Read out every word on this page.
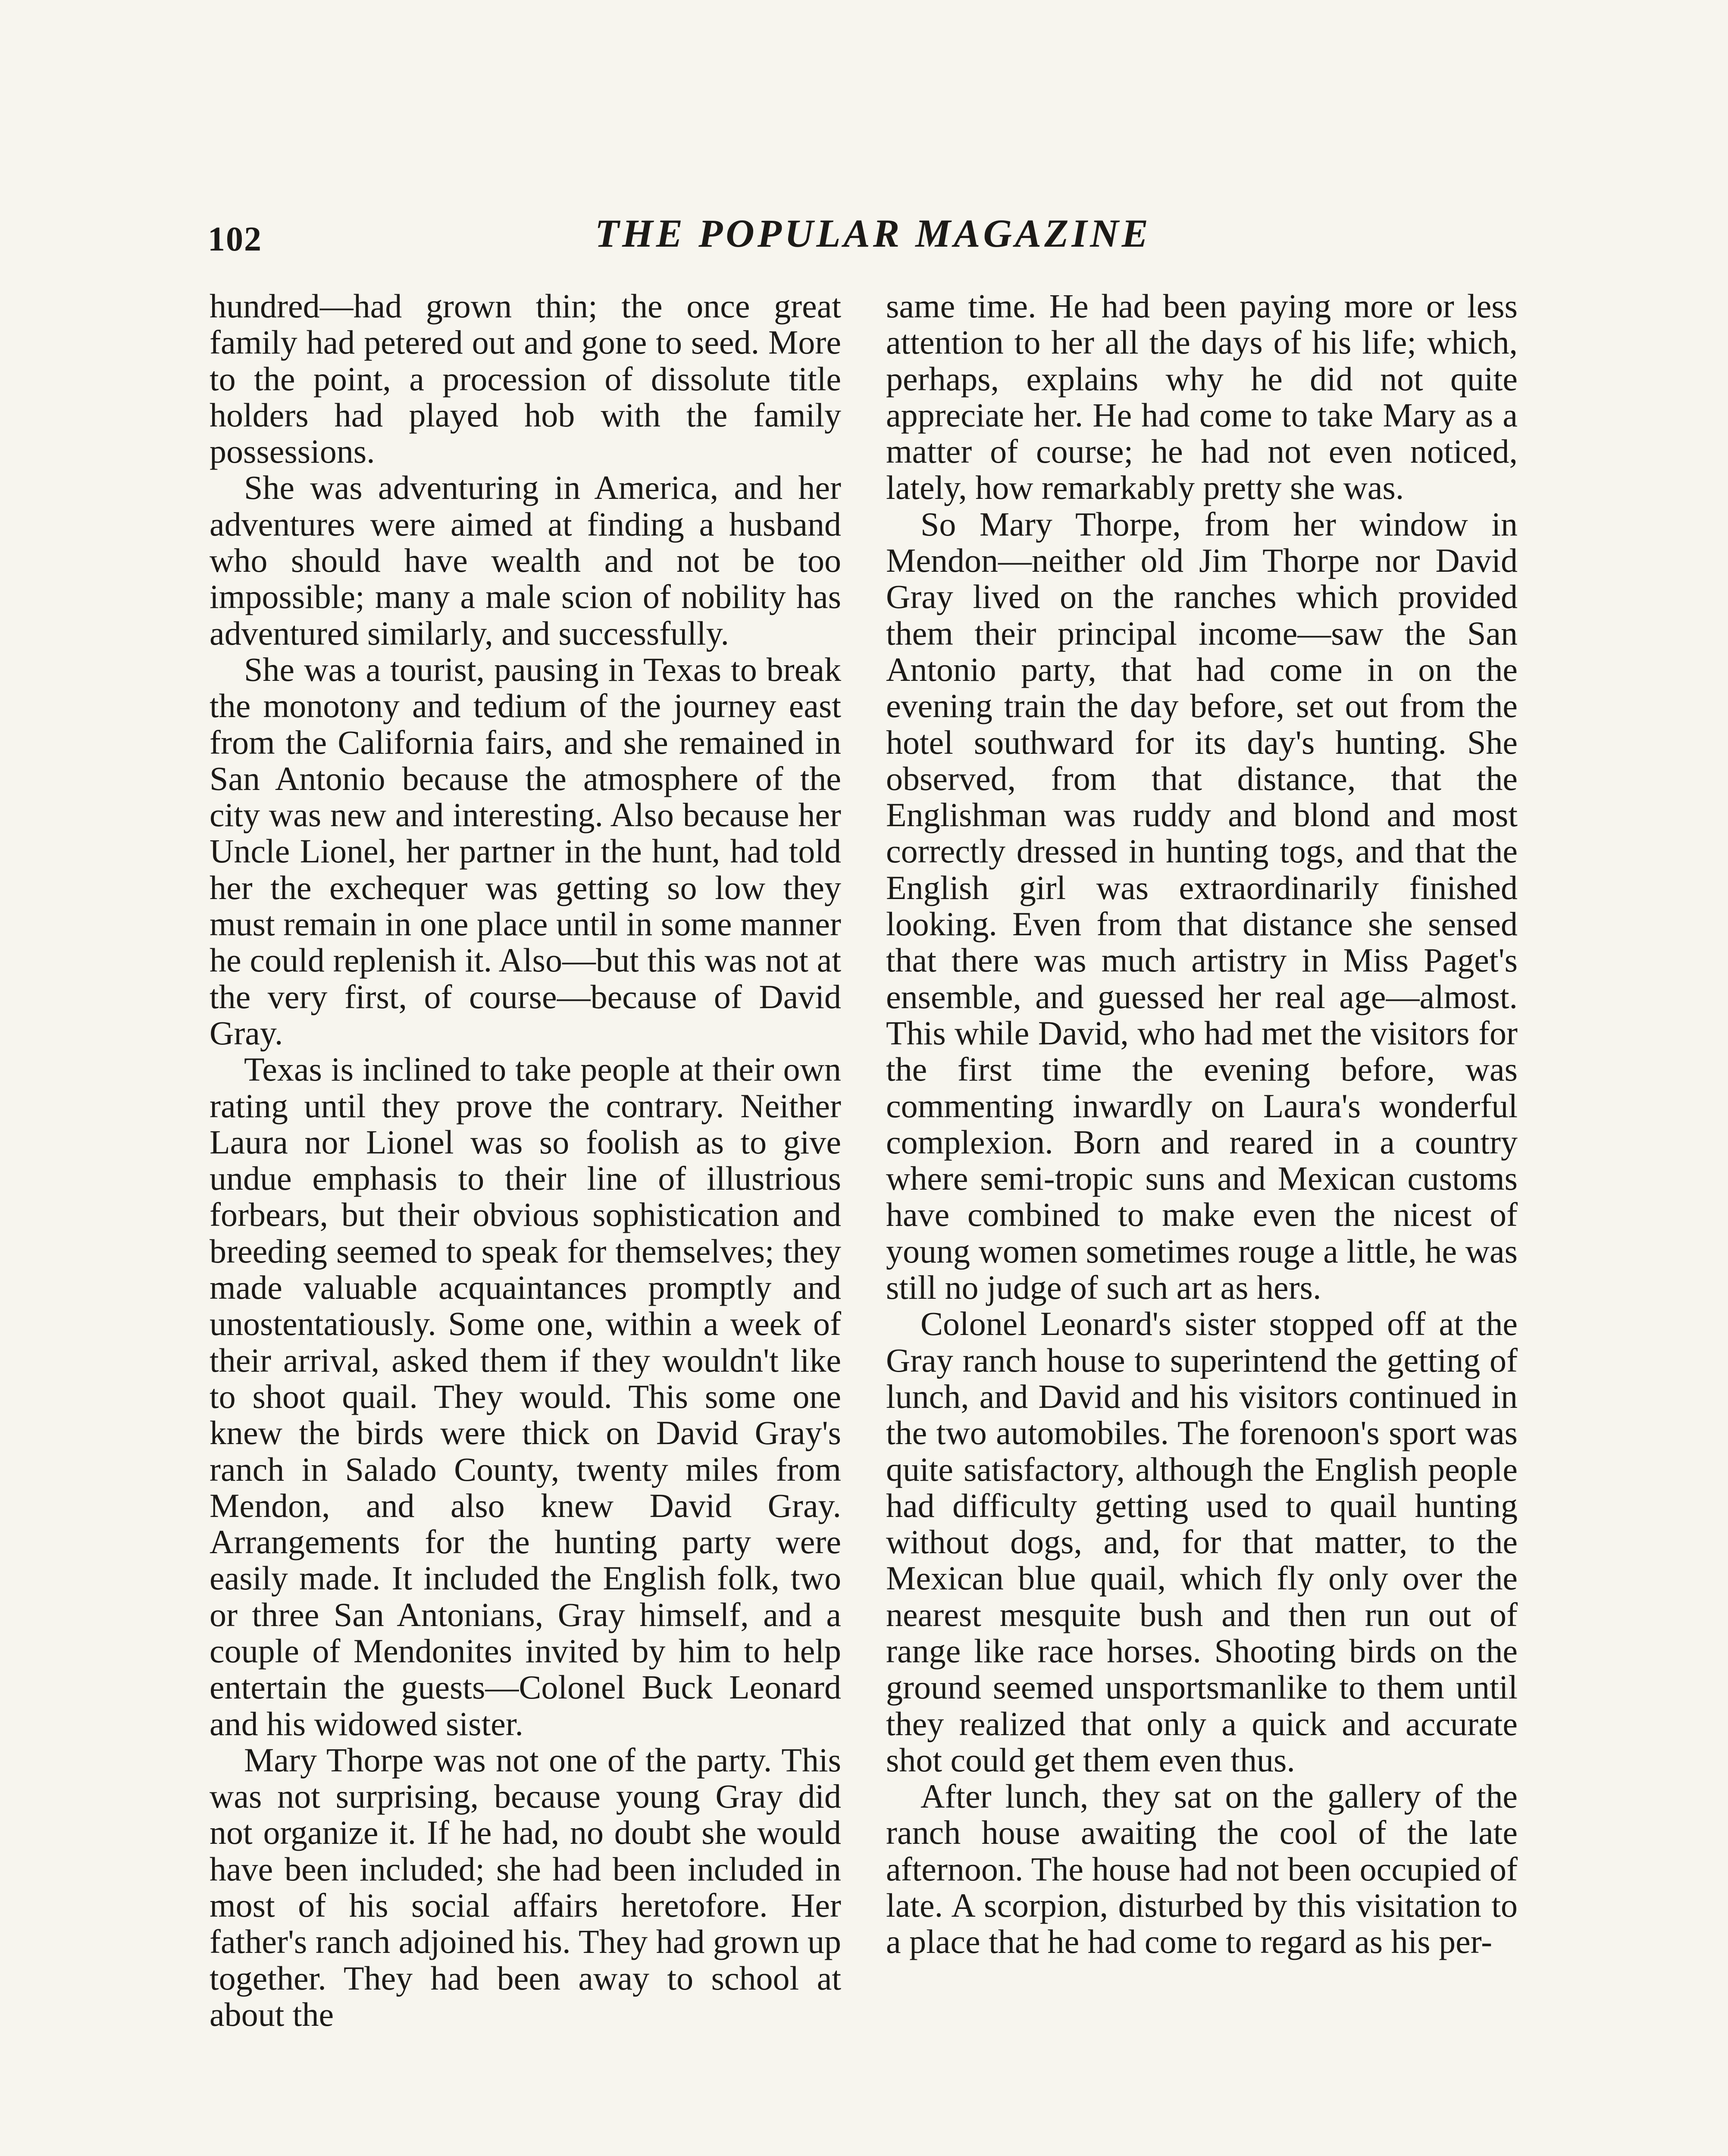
102	THE POPULAR MAGAZINE

hundred—had grown thin; the once great family had petered out and gone to seed. More to the point, a procession of dissolute title holders had played hob with the family possessions.

She was adventuring in America, and her adventures were aimed at finding a husband who should have wealth and not be too impossible; many a male scion of nobility has adventured similarly, and successfully.

She was a tourist, pausing in Texas to break the monotony and tedium of the journey east from the California fairs, and she remained in San Antonio because the atmosphere of the city was new and interesting. Also because her Uncle Lionel, her partner in the hunt, had told her the exchequer was getting so low they must remain in one place until in some manner he could replenish it. Also—but this was not at the very first, of course—because of David Gray.

Texas is inclined to take people at their own rating until they prove the contrary. Neither Laura nor Lionel was so foolish as to give undue emphasis to their line of illustrious forbears, but their obvious sophistication and breeding seemed to speak for themselves; they made valuable acquaintances promptly and unostentatiously. Some one, within a week of their arrival, asked them if they wouldn't like to shoot quail. They would. This some one knew the birds were thick on David Gray's ranch in Salado County, twenty miles from Mendon, and also knew David Gray. Arrangements for the hunting party were easily made. It included the English folk, two or three San Antonians, Gray himself, and a couple of Mendonites invited by him to help entertain the guests—Colonel Buck Leonard and his widowed sister.

Mary Thorpe was not one of the party. This was not surprising, because young Gray did not organize it. If he had, no doubt she would have been included; she had been included in most of his social affairs heretofore. Her father's ranch adjoined his. They had grown up together. They had been away to school at about the

same time. He had been paying more or less attention to her all the days of his life; which, perhaps, explains why he did not quite appreciate her. He had come to take Mary as a matter of course; he had not even noticed, lately, how remarkably pretty she was.

So Mary Thorpe, from her window in Mendon—neither old Jim Thorpe nor David Gray lived on the ranches which provided them their principal income—saw the San Antonio party, that had come in on the evening train the day before, set out from the hotel southward for its day's hunting. She observed, from that distance, that the Englishman was ruddy and blond and most correctly dressed in hunting togs, and that the English girl was extraordinarily finished looking. Even from that distance she sensed that there was much artistry in Miss Paget's ensemble, and guessed her real age—almost. This while David, who had met the visitors for the first time the evening before, was commenting inwardly on Laura's wonderful complexion. Born and reared in a country where semi-tropic suns and Mexican customs have combined to make even the nicest of young women sometimes rouge a little, he was still no judge of such art as hers.

Colonel Leonard's sister stopped off at the Gray ranch house to superintend the getting of lunch, and David and his visitors continued in the two automobiles. The forenoon's sport was quite satisfactory, although the English people had difficulty getting used to quail hunting without dogs, and, for that matter, to the Mexican blue quail, which fly only over the nearest mesquite bush and then run out of range like race horses. Shooting birds on the ground seemed unsportsmanlike to them until they realized that only a quick and accurate shot could get them even thus.

After lunch, they sat on the gallery of the ranch house awaiting the cool of the late afternoon. The house had not been occupied of late. A scorpion, disturbed by this visitation to a place that he had come to regard as his per-
